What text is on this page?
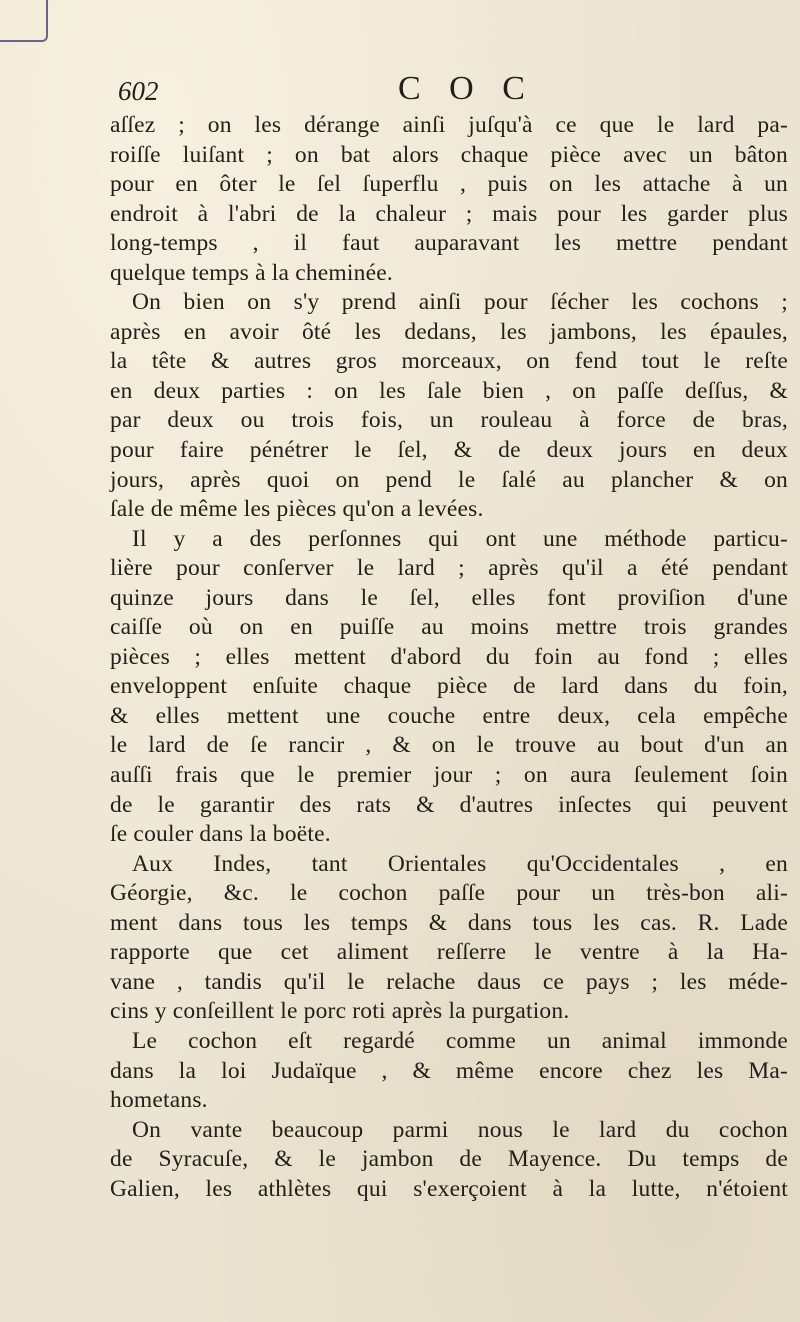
602	C O C
aſſez ; on les dérange ainſi juſqu'à ce que le lard pa-
roiſſe luiſant ; on bat alors chaque pièce avec un bâton
pour en ôter le ſel ſuperflu , puis on les attache à un
endroit à l'abri de la chaleur ; mais pour les garder plus
long-temps , il faut auparavant les mettre pendant
quelque temps à la cheminée.
On bien on s'y prend ainſi pour ſécher les cochons ;
après en avoir ôté les dedans, les jambons, les épaules,
la tête & autres gros morceaux, on fend tout le reſte
en deux parties : on les ſale bien , on paſſe deſſus, &
par deux ou trois fois, un rouleau à force de bras,
pour faire pénétrer le ſel, & de deux jours en deux
jours, après quoi on pend le ſalé au plancher & on
ſale de même les pièces qu'on a levées.
Il y a des perſonnes qui ont une méthode particu-
lière pour conſerver le lard ; après qu'il a été pendant
quinze jours dans le ſel, elles font proviſion d'une
caiſſe où on en puiſſe au moins mettre trois grandes
pièces ; elles mettent d'abord du foin au fond ; elles
enveloppent enſuite chaque pièce de lard dans du foin,
& elles mettent une couche entre deux, cela empêche
le lard de ſe rancir , & on le trouve au bout d'un an
auſſi frais que le premier jour ; on aura ſeulement ſoin
de le garantir des rats & d'autres inſectes qui peuvent
ſe couler dans la boëte.
Aux Indes, tant Orientales qu'Occidentales , en
Géorgie, &c. le cochon paſſe pour un très-bon ali-
ment dans tous les temps & dans tous les cas. R. Lade
rapporte que cet aliment reſſerre le ventre à la Ha-
vane , tandis qu'il le relache daus ce pays ; les méde-
cins y conſeillent le porc roti après la purgation.
Le cochon eſt regardé comme un animal immonde
dans la loi Judaïque , & même encore chez les Ma-
hometans.
On vante beaucoup parmi nous le lard du cochon
de Syracuſe, & le jambon de Mayence. Du temps de
Galien, les athlètes qui s'exerçoient à la lutte, n'étoient
